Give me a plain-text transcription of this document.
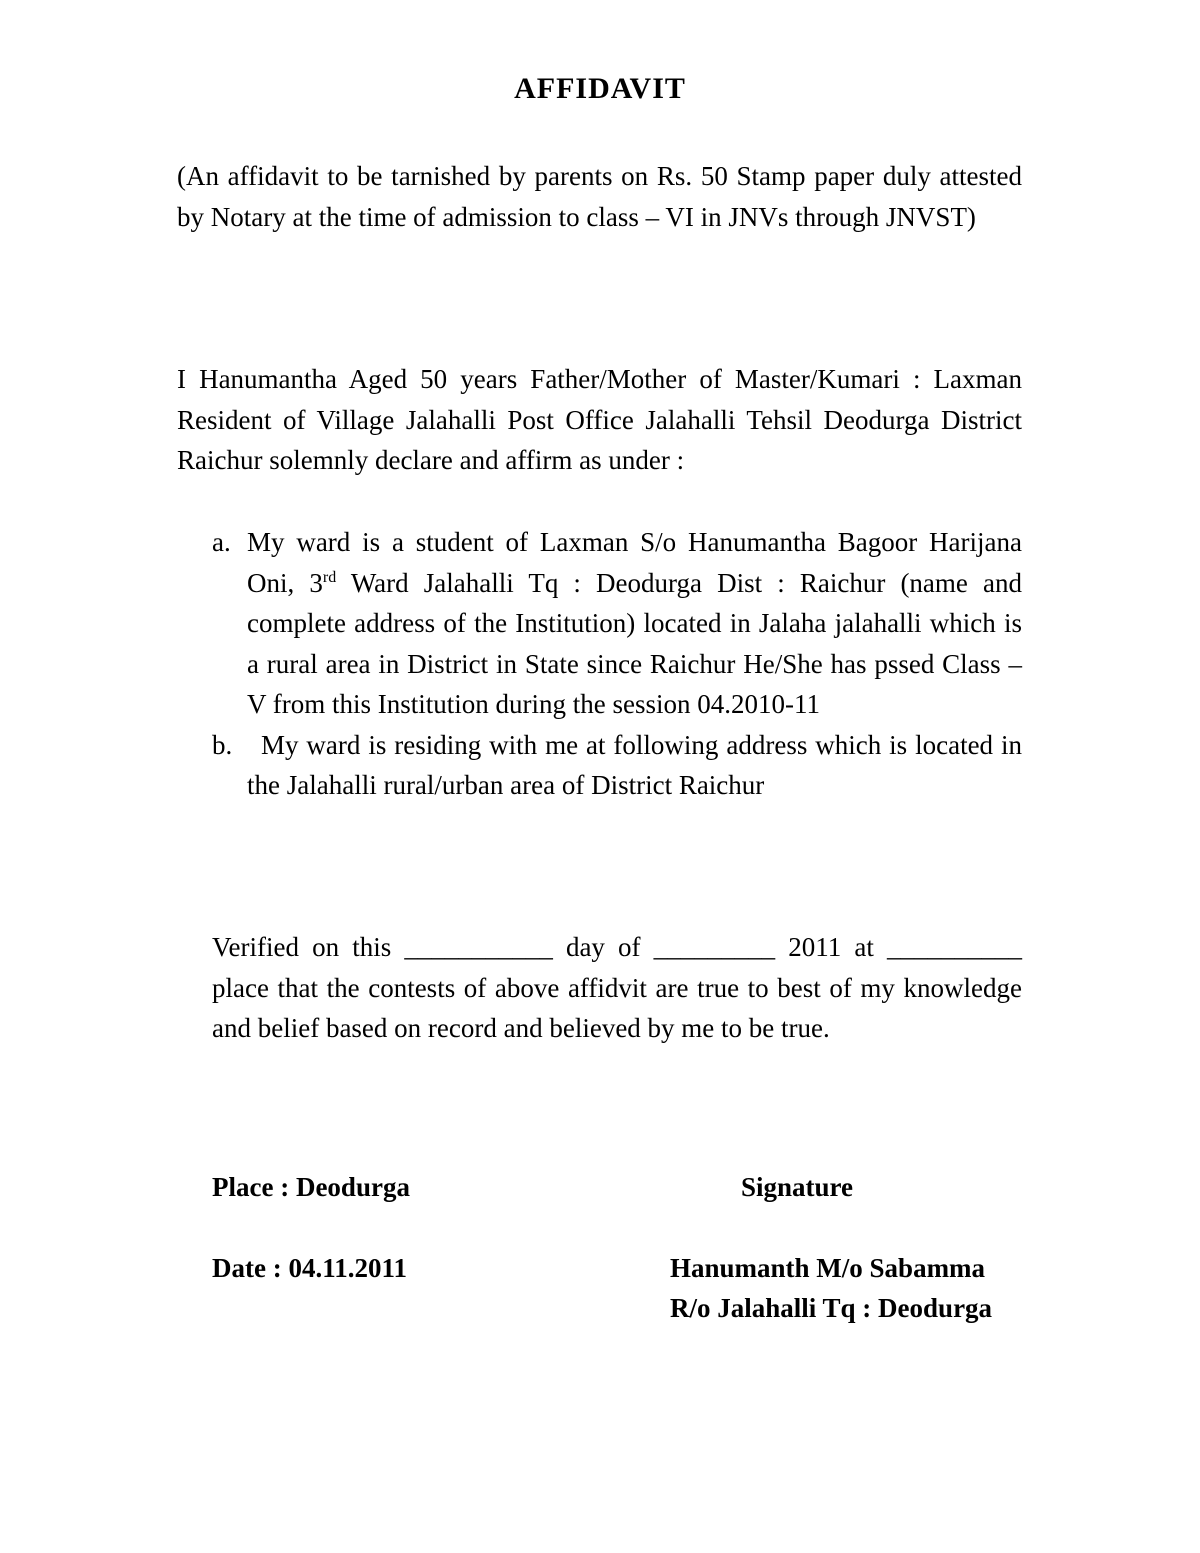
AFFIDAVIT
(An affidavit to be tarnished by parents on Rs. 50 Stamp paper duly attested by Notary at the time of admission to class – VI in JNVs through JNVST)
I Hanumantha Aged 50 years Father/Mother of Master/Kumari : Laxman Resident of Village Jalahalli Post Office Jalahalli Tehsil Deodurga District Raichur solemnly declare and affirm as under :
a. My ward is a student of Laxman S/o Hanumantha Bagoor Harijana Oni, 3rd Ward Jalahalli Tq : Deodurga Dist : Raichur (name and complete address of the Institution) located in Jalaha jalahalli which is a rural area in District in State since Raichur He/She has pssed Class – V from this Institution during the session 04.2010-11
b.	My ward is residing with me at following address which is located in the Jalahalli rural/urban area of District Raichur
Verified on this ___________ day of _________ 2011 at __________ place that the contests of above affidvit are true to best of my knowledge and belief based on record and believed by me to be true.
Place : Deodurga	Signature
Date : 04.11.2011	Hanumanth M/o Sabamma
R/o Jalahalli Tq : Deodurga
